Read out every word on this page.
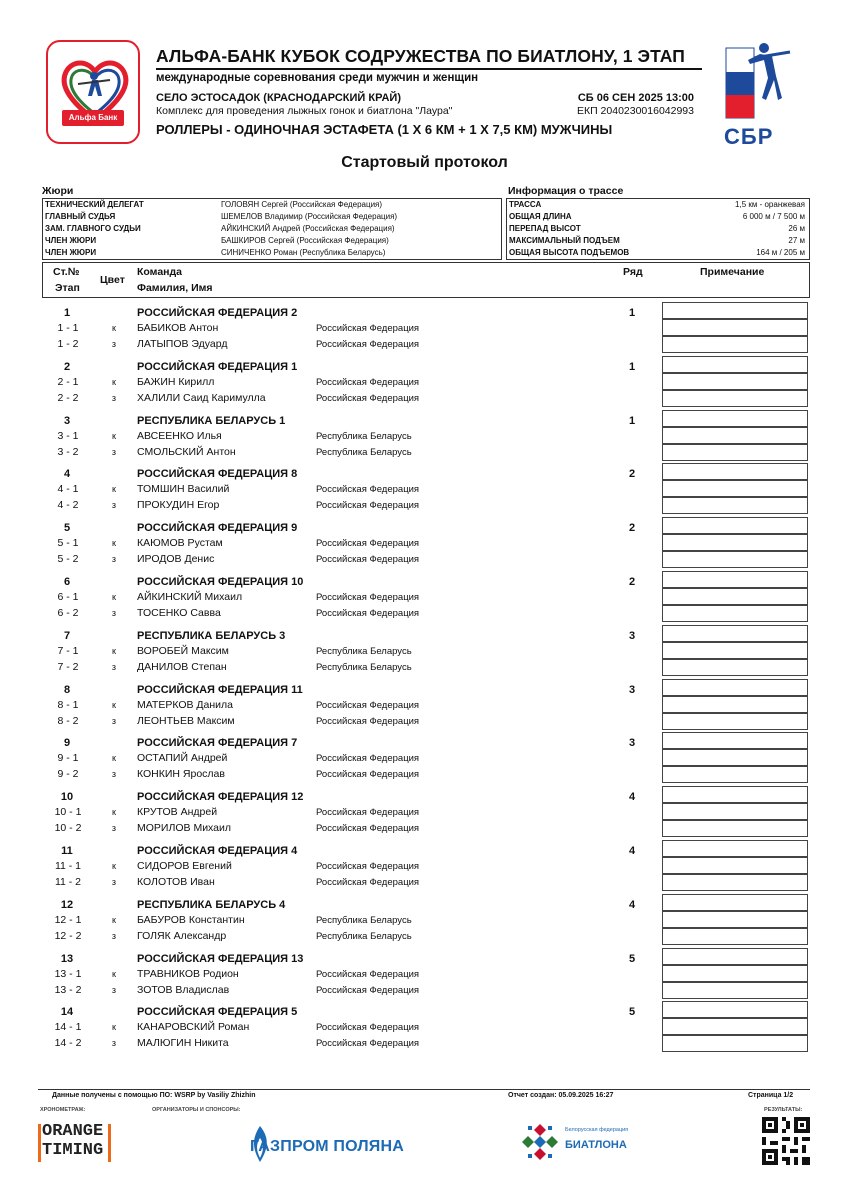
Альфа Банк
СБР
АЛЬФА-БАНК КУБОК СОДРУЖЕСТВА ПО БИАТЛОНУ, 1 ЭТАП
международные соревнования среди мужчин и женщин
СЕЛО ЭСТОСАДОК (КРАСНОДАРСКИЙ КРАЙ)	СБ 06 СЕН 2025 13:00
Комплекс для проведения лыжных гонок и биатлона "Лаура"	ЕКП 2040230016042993
РОЛЛЕРЫ - ОДИНОЧНАЯ ЭСТАФЕТА (1 Х 6 КМ + 1 Х 7,5 КМ) МУЖЧИНЫ
Стартовый протокол
Жюри
ТЕХНИЧЕСКИЙ ДЕЛЕГАТ	ГОЛОВЯН Сергей (Российская Федерация)
ГЛАВНЫЙ СУДЬЯ	ШЕМЕЛОВ Владимир (Российская Федерация)
ЗАМ. ГЛАВНОГО СУДЬИ	АЙКИНСКИЙ Андрей (Российская Федерация)
ЧЛЕН ЖЮРИ	БАШКИРОВ Сергей (Российская Федерация)
ЧЛЕН ЖЮРИ	СИНИЧЕНКО Роман (Республика Беларусь)
Информация о трассе
ТРАССА	1,5 км - оранжевая
ОБЩАЯ ДЛИНА	6 000 м / 7 500 м
ПЕРЕПАД ВЫСОТ	26 м
МАКСИМАЛЬНЫЙ ПОДЪЕМ	27 м
ОБЩАЯ ВЫСОТА ПОДЪЕМОВ	164 м / 205 м
Ст.№
Этап
Цвет
Команда
Фамилия, Имя
Ряд	Примечание
1	РОССИЙСКАЯ ФЕДЕРАЦИЯ 2	1
1 - 1	к	БАБИКОВ Антон	Российская Федерация
1 - 2	з	ЛАТЫПОВ Эдуард	Российская Федерация
2	РОССИЙСКАЯ ФЕДЕРАЦИЯ 1	1
2 - 1	к	БАЖИН Кирилл	Российская Федерация
2 - 2	з	ХАЛИЛИ Саид Каримулла	Российская Федерация
3	РЕСПУБЛИКА БЕЛАРУСЬ 1	1
3 - 1	к	АВСЕЕНКО Илья	Республика Беларусь
3 - 2	з	СМОЛЬСКИЙ Антон	Республика Беларусь
4	РОССИЙСКАЯ ФЕДЕРАЦИЯ 8	2
4 - 1	к	ТОМШИН Василий	Российская Федерация
4 - 2	з	ПРОКУДИН Егор	Российская Федерация
5	РОССИЙСКАЯ ФЕДЕРАЦИЯ 9	2
5 - 1	к	КАЮМОВ Рустам	Российская Федерация
5 - 2	з	ИРОДОВ Денис	Российская Федерация
6	РОССИЙСКАЯ ФЕДЕРАЦИЯ 10	2
6 - 1	к	АЙКИНСКИЙ Михаил	Российская Федерация
6 - 2	з	ТОСЕНКО Савва	Российская Федерация
7	РЕСПУБЛИКА БЕЛАРУСЬ 3	3
7 - 1	к	ВОРОБЕЙ Максим	Республика Беларусь
7 - 2	з	ДАНИЛОВ Степан	Республика Беларусь
8	РОССИЙСКАЯ ФЕДЕРАЦИЯ 11	3
8 - 1	к	МАТЕРКОВ Данила	Российская Федерация
8 - 2	з	ЛЕОНТЬЕВ Максим	Российская Федерация
9	РОССИЙСКАЯ ФЕДЕРАЦИЯ 7	3
9 - 1	к	ОСТАПИЙ Андрей	Российская Федерация
9 - 2	з	КОНКИН Ярослав	Российская Федерация
10	РОССИЙСКАЯ ФЕДЕРАЦИЯ 12	4
10 - 1	к	КРУТОВ Андрей	Российская Федерация
10 - 2	з	МОРИЛОВ Михаил	Российская Федерация
11	РОССИЙСКАЯ ФЕДЕРАЦИЯ 4	4
11 - 1	к	СИДОРОВ Евгений	Российская Федерация
11 - 2	з	КОЛОТОВ Иван	Российская Федерация
12	РЕСПУБЛИКА БЕЛАРУСЬ 4	4
12 - 1	к	БАБУРОВ Константин	Республика Беларусь
12 - 2	з	ГОЛЯК Александр	Республика Беларусь
13	РОССИЙСКАЯ ФЕДЕРАЦИЯ 13	5
13 - 1	к	ТРАВНИКОВ Родион	Российская Федерация
13 - 2	з	ЗОТОВ Владислав	Российская Федерация
14	РОССИЙСКАЯ ФЕДЕРАЦИЯ 5	5
14 - 1	к	КАНАРОВСКИЙ Роман	Российская Федерация
14 - 2	з	МАЛЮГИН Никита	Российская Федерация
Данные получены с помощью ПО: WSRP by Vasiliy Zhizhin	Отчет создан: 05.09.2025 16:27	Страница 1/2
ХРОНОМЕТРАЖ:	ОРГАНИЗАТОРЫ И СПОНСОРЫ:	РЕЗУЛЬТАТЫ:
ORANGE
TIMING	ГАЗПРОМ ПОЛЯНА
Белорусская федерация
БИАТЛОНА
